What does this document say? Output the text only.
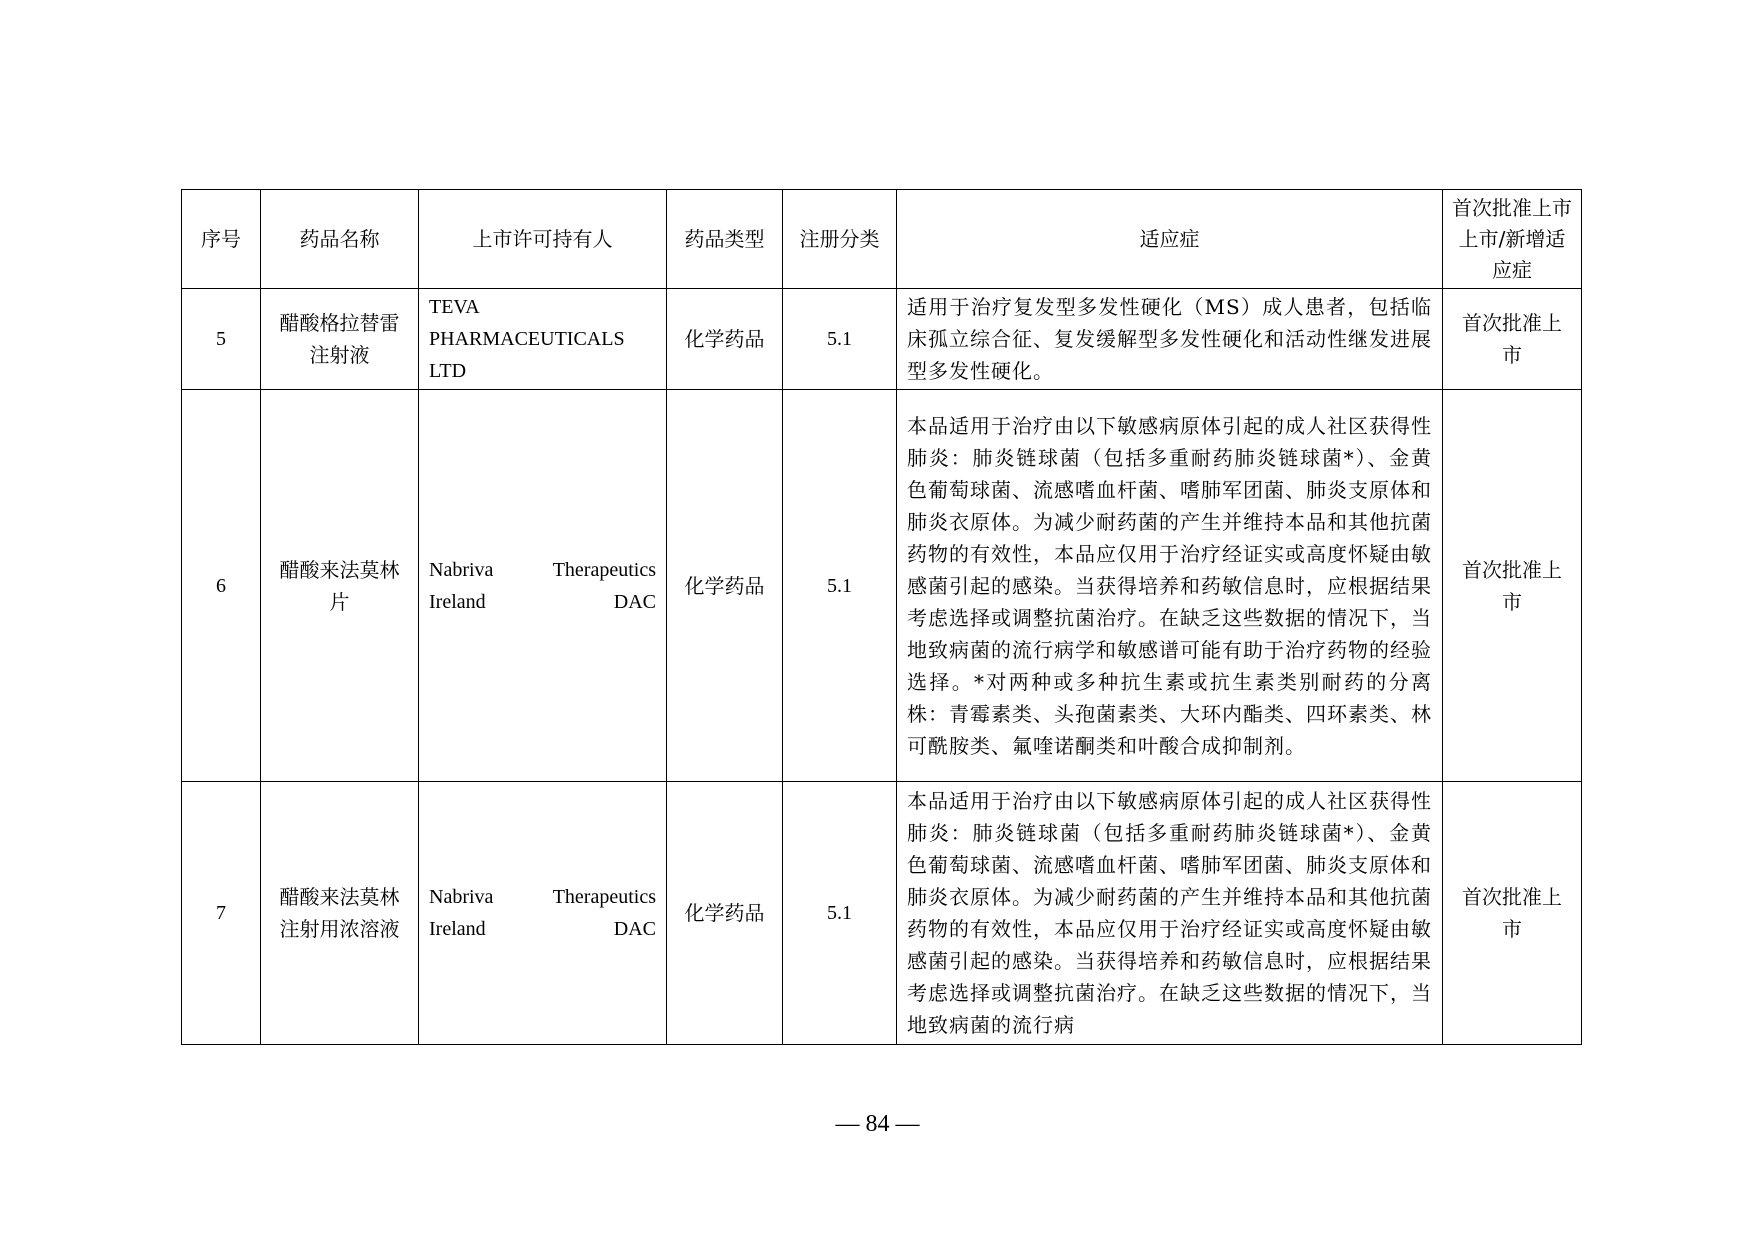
序号	药品名称	上市许可持有人	药品类型	注册分类	适应症	首次批准上市上市/新增适应症
5	醋酸格拉替雷注射液	TEVA PHARMACEUTICALS LTD	化学药品	5.1	适用于治疗复发型多发性硬化（MS）成人患者，包括临床孤立综合征、复发缓解型多发性硬化和活动性继发进展型多发性硬化。	首次批准上市
6	醋酸来法莫林片	Nabriva Therapeutics Ireland DAC	化学药品	5.1	本品适用于治疗由以下敏感病原体引起的成人社区获得性肺炎：肺炎链球菌（包括多重耐药肺炎链球菌*）、金黄色葡萄球菌、流感嗜血杆菌、嗜肺军团菌、肺炎支原体和肺炎衣原体。为减少耐药菌的产生并维持本品和其他抗菌药物的有效性，本品应仅用于治疗经证实或高度怀疑由敏感菌引起的感染。当获得培养和药敏信息时，应根据结果考虑选择或调整抗菌治疗。在缺乏这些数据的情况下，当地致病菌的流行病学和敏感谱可能有助于治疗药物的经验选择。*对两种或多种抗生素或抗生素类别耐药的分离株：青霉素类、头孢菌素类、大环内酯类、四环素类、林可酰胺类、氟喹诺酮类和叶酸合成抑制剂。	首次批准上市
7	醋酸来法莫林注射用浓溶液	Nabriva Therapeutics Ireland DAC	化学药品	5.1	本品适用于治疗由以下敏感病原体引起的成人社区获得性肺炎：肺炎链球菌（包括多重耐药肺炎链球菌*）、金黄色葡萄球菌、流感嗜血杆菌、嗜肺军团菌、肺炎支原体和肺炎衣原体。为减少耐药菌的产生并维持本品和其他抗菌药物的有效性，本品应仅用于治疗经证实或高度怀疑由敏感菌引起的感染。当获得培养和药敏信息时，应根据结果考虑选择或调整抗菌治疗。在缺乏这些数据的情况下，当地致病菌的流行病	首次批准上市
— 84 —
